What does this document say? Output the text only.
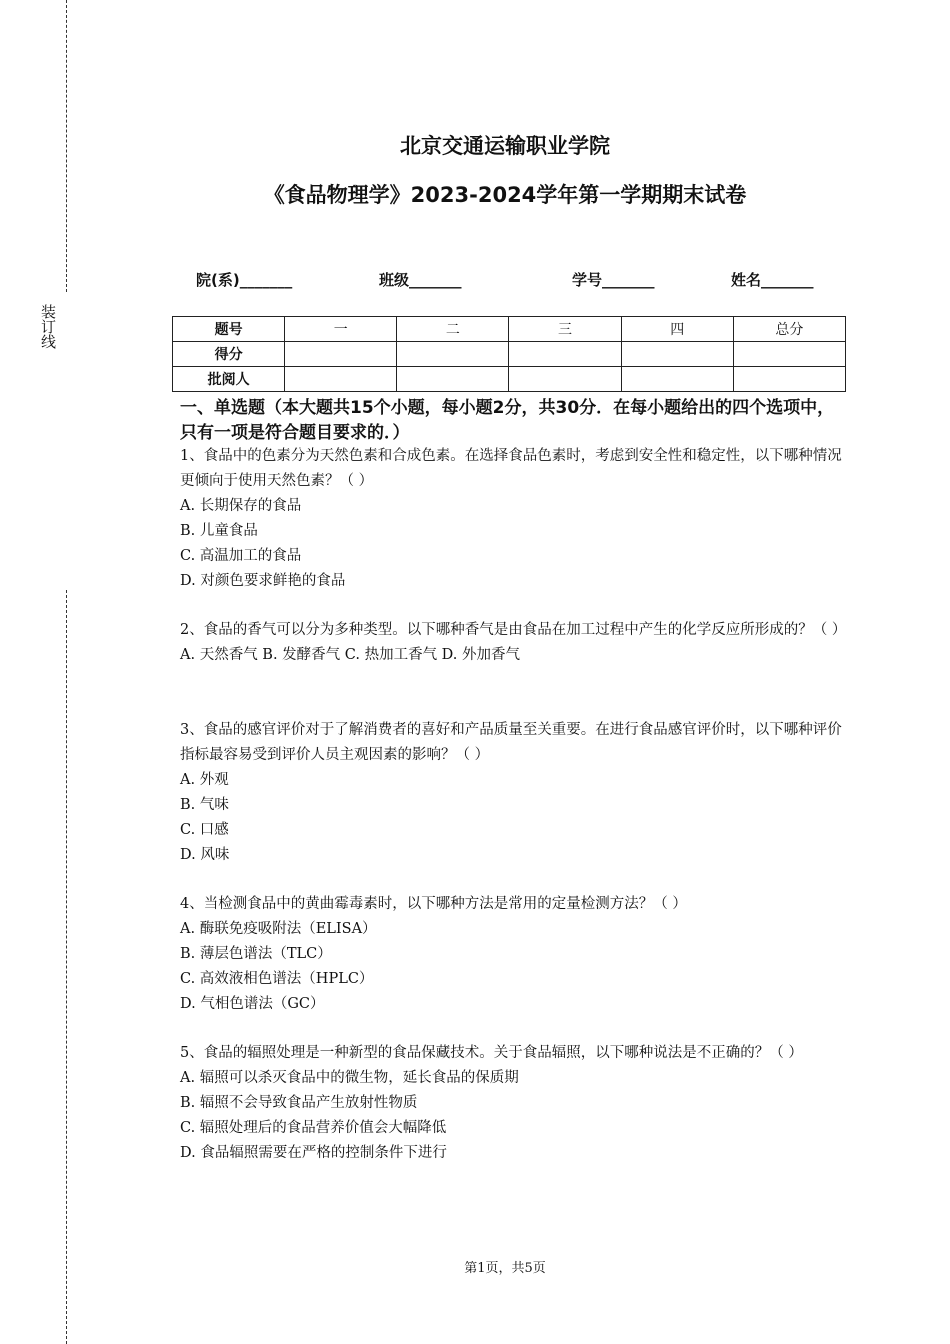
装订线
北京交通运输职业学院
《食品物理学》2023-2024学年第一学期期末试卷
院(系)_______	班级_______	学号_______	姓名_______
题号	一	二	三	四	总分
得分					
批阅人					
一、单选题（本大题共15个小题，每小题2分，共30分．在每小题给出的四个选项中，只有一项是符合题目要求的．）
1、食品中的色素分为天然色素和合成色素。在选择食品色素时，考虑到安全性和稳定性，以下哪种情况更倾向于使用天然色素？（ ）
A. 长期保存的食品
B. 儿童食品
C. 高温加工的食品
D. 对颜色要求鲜艳的食品
2、食品的香气可以分为多种类型。以下哪种香气是由食品在加工过程中产生的化学反应所形成的？（ ）
A. 天然香气 B. 发酵香气 C. 热加工香气 D. 外加香气
3、食品的感官评价对于了解消费者的喜好和产品质量至关重要。在进行食品感官评价时，以下哪种评价指标最容易受到评价人员主观因素的影响？（ ）
A. 外观
B. 气味
C. 口感
D. 风味
4、当检测食品中的黄曲霉毒素时，以下哪种方法是常用的定量检测方法？（ ）
A. 酶联免疫吸附法（ELISA）
B. 薄层色谱法（TLC）
C. 高效液相色谱法（HPLC）
D. 气相色谱法（GC）
5、食品的辐照处理是一种新型的食品保藏技术。关于食品辐照，以下哪种说法是不正确的？（ ）
A. 辐照可以杀灭食品中的微生物，延长食品的保质期
B. 辐照不会导致食品产生放射性物质
C. 辐照处理后的食品营养价值会大幅降低
D. 食品辐照需要在严格的控制条件下进行
第1页，共5页
